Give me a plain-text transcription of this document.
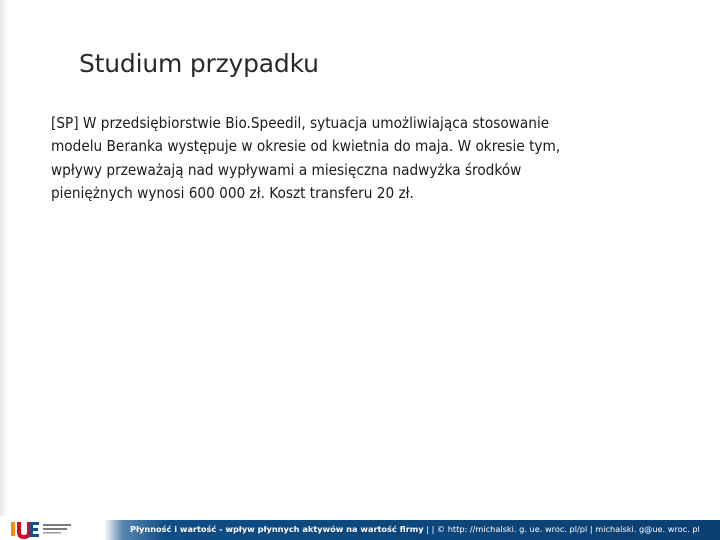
Studium przypadku
[SP] W przedsiębiorstwie Bio.Speedil, sytuacja umożliwiająca stosowanie
modelu Beranka występuje w okresie od kwietnia do maja. W okresie tym,
wpływy przeważają nad wypływami a miesięczna nadwyżka środków
pieniężnych wynosi 600 000 zł. Koszt transferu 20 zł.
Płynność i wartość - wpływ płynnych aktywów na wartość firmy | | © http: //michalski. g. ue. wroc. pl/pl | michalski. g@ue. wroc. pl
